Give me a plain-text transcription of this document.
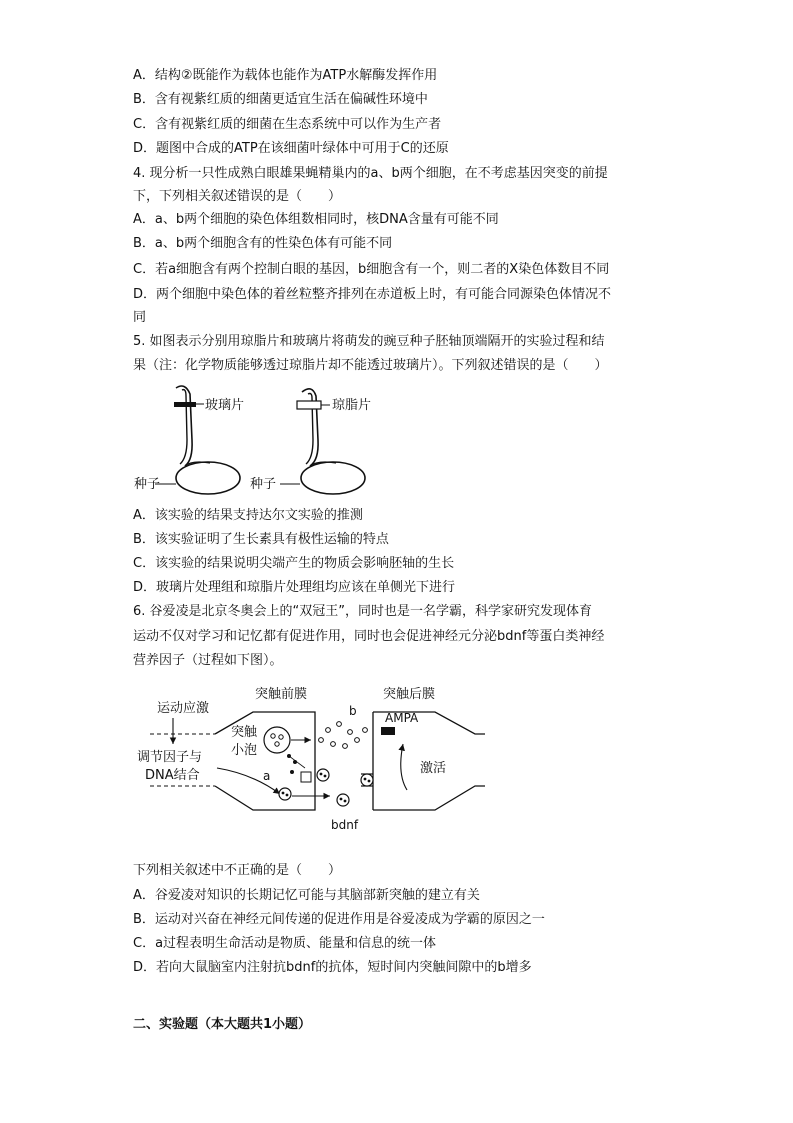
A．结构②既能作为载体也能作为ATP水解酶发挥作用
B．含有视紫红质的细菌更适宜生活在偏碱性环境中
C．含有视紫红质的细菌在生态系统中可以作为生产者
D．题图中合成的ATP在该细菌叶绿体中可用于C的还原
4. 现分析一只性成熟白眼雄果蝇精巢内的a、b两个细胞，在不考虑基因突变的前提
下，下列相关叙述错误的是（　　）
A．a、b两个细胞的染色体组数相同时，核DNA含量有可能不同
B．a、b两个细胞含有的性染色体有可能不同
C．若a细胞含有两个控制白眼的基因，b细胞含有一个，则二者的X染色体数目不同
D．两个细胞中染色体的着丝粒整齐排列在赤道板上时，有可能合同源染色体情况不
同
5. 如图表示分别用琼脂片和玻璃片将萌发的豌豆种子胚轴顶端隔开的实验过程和结
果（注：化学物质能够透过琼脂片却不能透过玻璃片）。下列叙述错误的是（　　）
玻璃片
种子
琼脂片
种子
A．该实验的结果支持达尔文实验的推测
B．该实验证明了生长素具有极性运输的特点
C．该实验的结果说明尖端产生的物质会影响胚轴的生长
D．玻璃片处理组和琼脂片处理组均应该在单侧光下进行
6. 谷爱凌是北京冬奥会上的“双冠王”，同时也是一名学霸，科学家研究发现体育
运动不仅对学习和记忆都有促进作用，同时也会促进神经元分泌bdnf等蛋白类神经
营养因子（过程如下图）。
突触前膜	突触后膜
运动应激
调节因子与
DNA结合
突触
小泡
a
b AMPA
激活
bdnf
下列相关叙述中不正确的是（　　）
A．谷爱凌对知识的长期记忆可能与其脑部新突触的建立有关
B．运动对兴奋在神经元间传递的促进作用是谷爱凌成为学霸的原因之一
C．a过程表明生命活动是物质、能量和信息的统一体
D．若向大鼠脑室内注射抗bdnf的抗体，短时间内突触间隙中的b增多
二、实验题（本大题共1小题）
